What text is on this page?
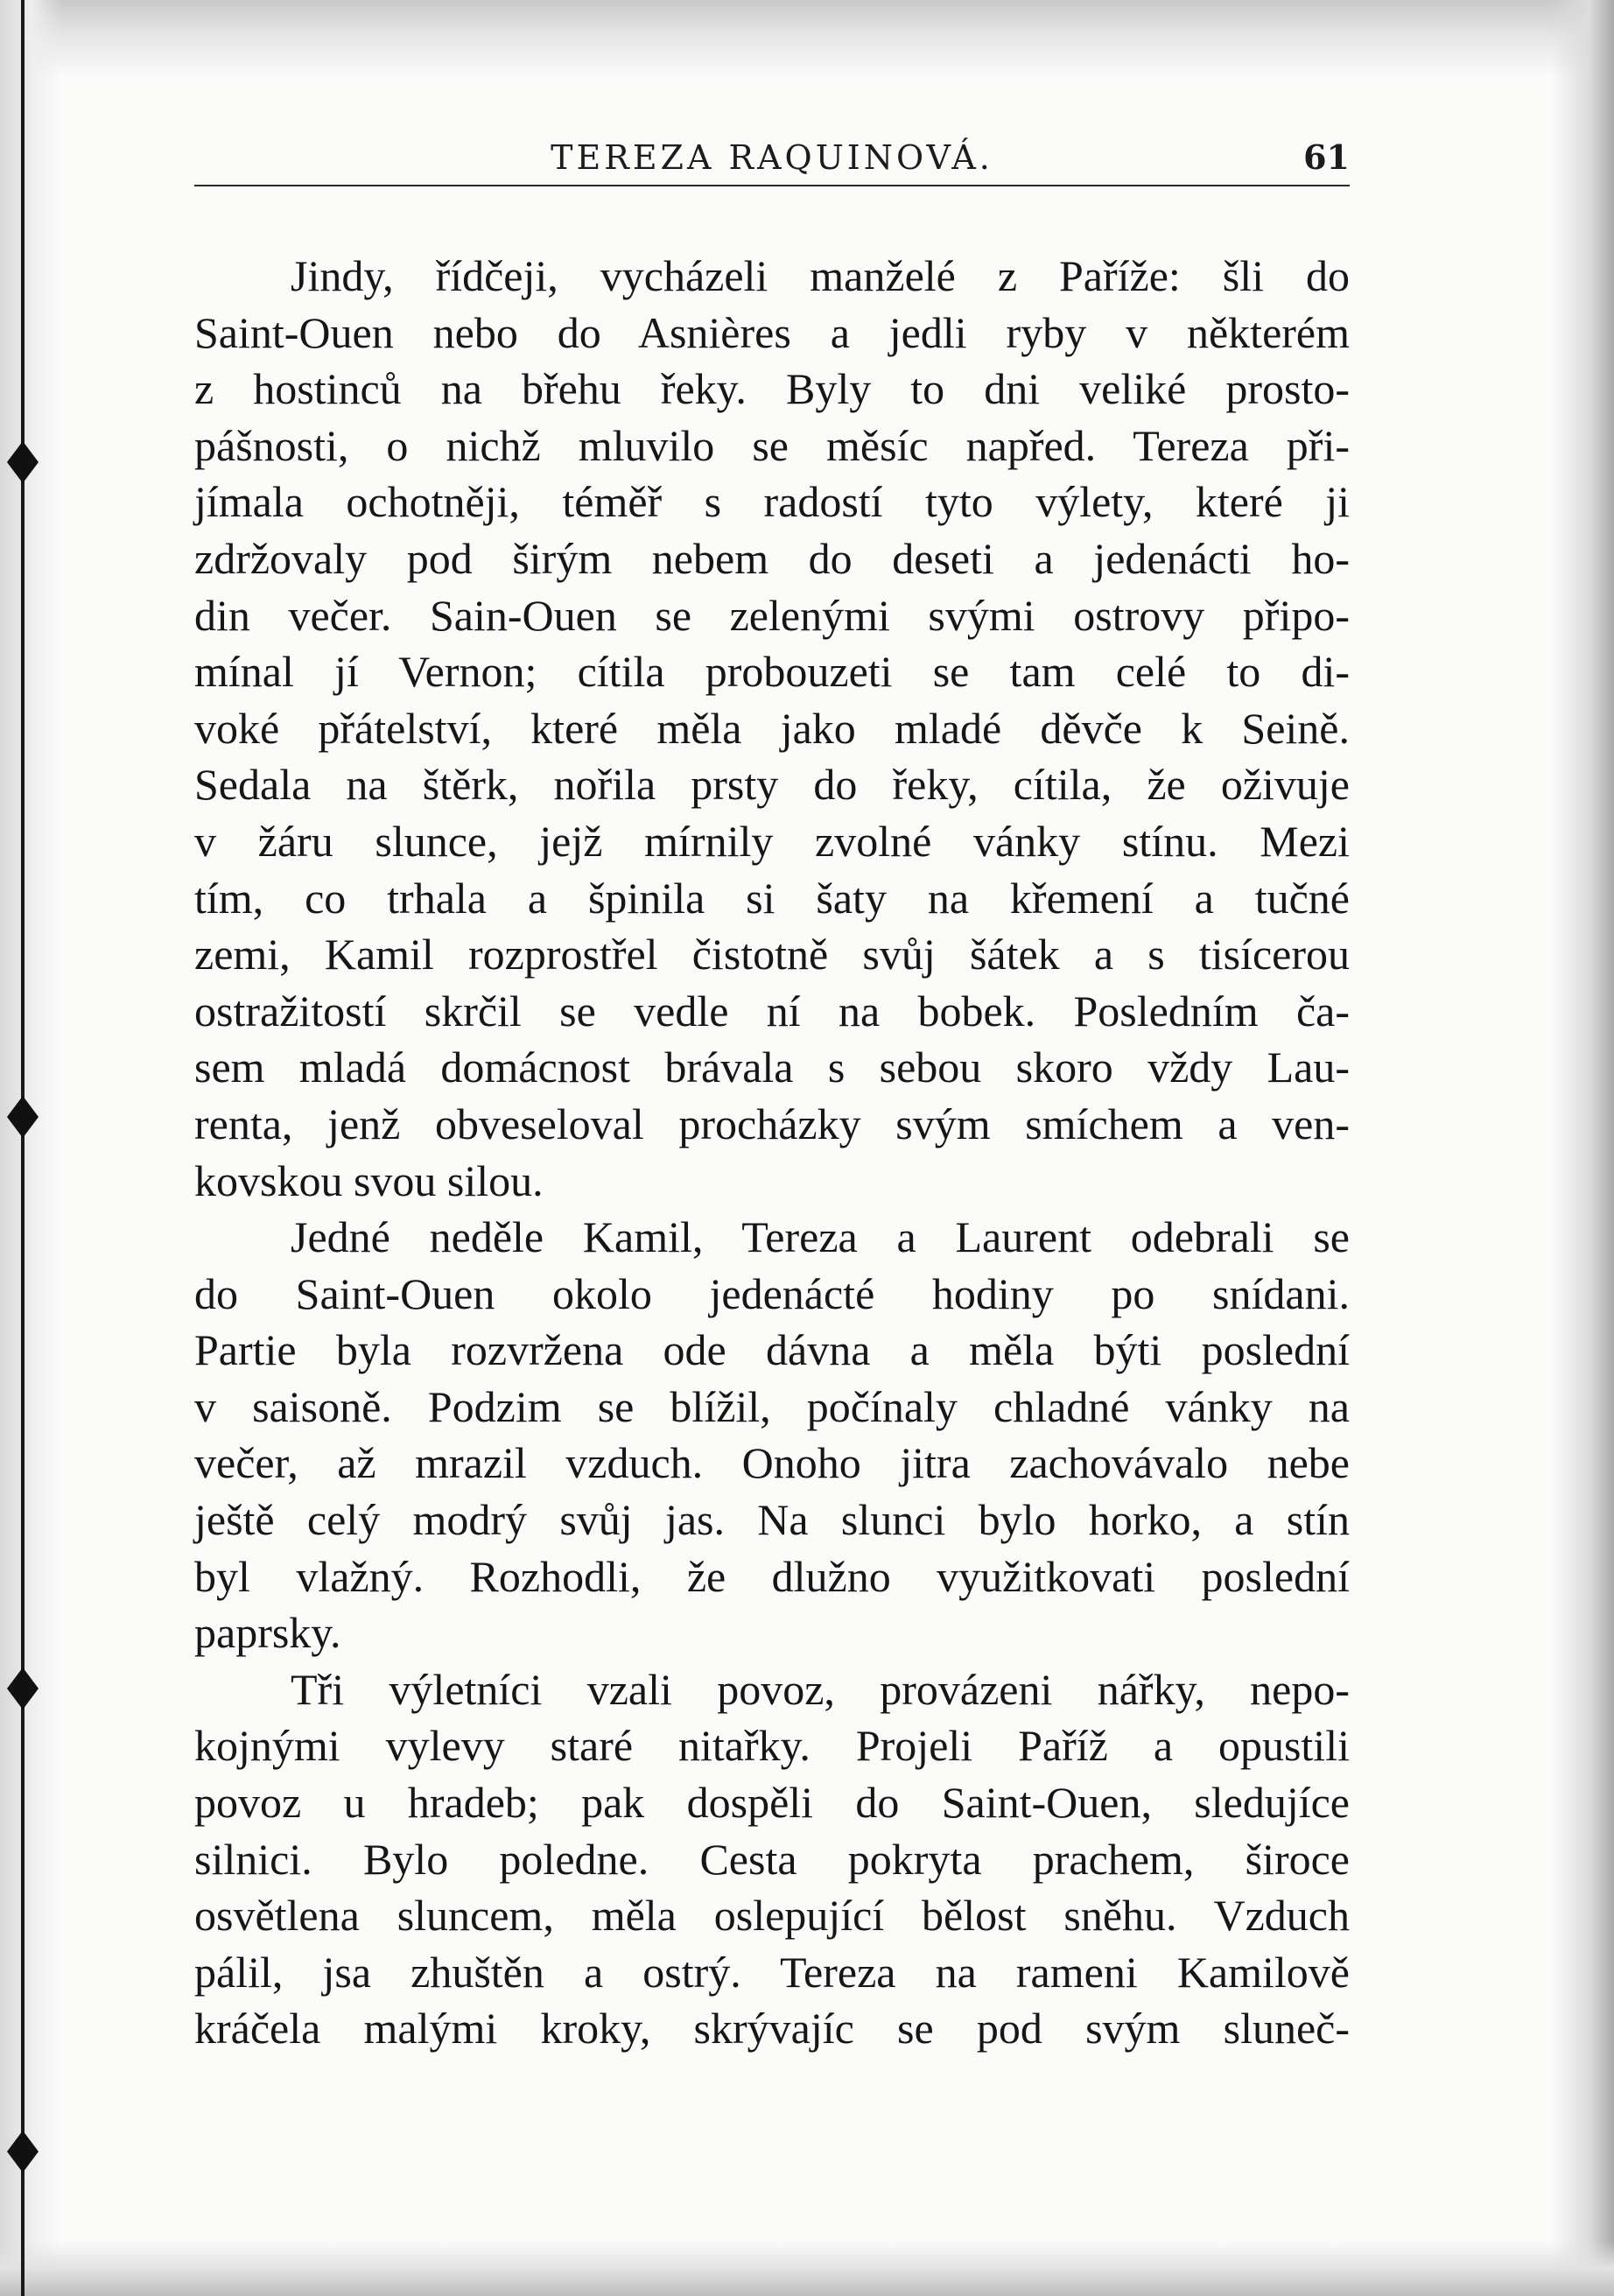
TEREZA RAQUINOVÁ.	61
Jindy, řídčeji, vycházeli manželé z Paříže: šli do
Saint-Ouen nebo do Asnières a jedli ryby v některém
z hostinců na břehu řeky. Byly to dni veliké prosto-
pášnosti, o nichž mluvilo se měsíc napřed. Tereza při-
jímala ochotněji, téměř s radostí tyto výlety, které ji
zdržovaly pod širým nebem do deseti a jedenácti ho-
din večer. Sain-Ouen se zelenými svými ostrovy připo-
mínal jí Vernon; cítila probouzeti se tam celé to di-
voké přátelství, které měla jako mladé děvče k Seině.
Sedala na štěrk, nořila prsty do řeky, cítila, že oživuje
v žáru slunce, jejž mírnily zvolné vánky stínu. Mezi
tím, co trhala a špinila si šaty na křemení a tučné
zemi, Kamil rozprostřel čistotně svůj šátek a s tisícerou
ostražitostí skrčil se vedle ní na bobek. Posledním ča-
sem mladá domácnost brávala s sebou skoro vždy Lau-
renta, jenž obveseloval procházky svým smíchem a ven-
kovskou svou silou.
Jedné neděle Kamil, Tereza a Laurent odebrali se
do Saint-Ouen okolo jedenácté hodiny po snídani.
Partie byla rozvržena ode dávna a měla býti poslední
v saisoně. Podzim se blížil, počínaly chladné vánky na
večer, až mrazil vzduch. Onoho jitra zachovávalo nebe
ještě celý modrý svůj jas. Na slunci bylo horko, a stín
byl vlažný. Rozhodli, že dlužno využitkovati poslední
paprsky.
Tři výletníci vzali povoz, provázeni nářky, nepo-
kojnými vylevy staré nitařky. Projeli Paříž a opustili
povoz u hradeb; pak dospěli do Saint-Ouen, sledujíce
silnici. Bylo poledne. Cesta pokryta prachem, široce
osvětlena sluncem, měla oslepující bělost sněhu. Vzduch
pálil, jsa zhuštěn a ostrý. Tereza na rameni Kamilově
kráčela malými kroky, skrývajíc se pod svým sluneč-
